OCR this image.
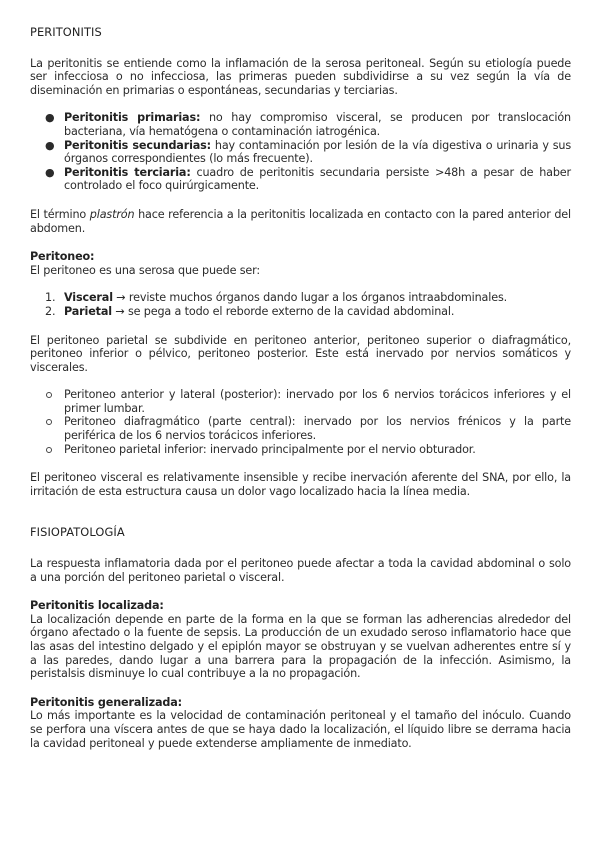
PERITONITIS

La peritonitis se entiende como la inflamación de la serosa peritoneal. Según su etiología puede ser infecciosa o no infecciosa, las primeras pueden subdividirse a su vez según la vía de diseminación en primarias o espontáneas, secundarias y terciarias.

● Peritonitis primarias: no hay compromiso visceral, se producen por translocación bacteriana, vía hematógena o contaminación iatrogénica.
● Peritonitis secundarias: hay contaminación por lesión de la vía digestiva o urinaria y sus órganos correspondientes (lo más frecuente).
● Peritonitis terciaria: cuadro de peritonitis secundaria persiste >48h a pesar de haber controlado el foco quirúrgicamente.

El término plastrón hace referencia a la peritonitis localizada en contacto con la pared anterior del abdomen.

Peritoneo:

El peritoneo es una serosa que puede ser:

1. Visceral → reviste muchos órganos dando lugar a los órganos intraabdominales.
2. Parietal → se pega a todo el reborde externo de la cavidad abdominal.

El peritoneo parietal se subdivide en peritoneo anterior, peritoneo superior o diafragmático, peritoneo inferior o pélvico, peritoneo posterior. Este está inervado por nervios somáticos y viscerales.

Peritoneo anterior y lateral (posterior): inervado por los 6 nervios torácicos inferiores y el primer lumbar.
Peritoneo diafragmático (parte central): inervado por los nervios frénicos y la parte periférica de los 6 nervios torácicos inferiores.
Peritoneo parietal inferior: inervado principalmente por el nervio obturador.

El peritoneo visceral es relativamente insensible y recibe inervación aferente del SNA, por ello, la irritación de esta estructura causa un dolor vago localizado hacia la línea media.

FISIOPATOLOGÍA

La respuesta inflamatoria dada por el peritoneo puede afectar a toda la cavidad abdominal o solo a una porción del peritoneo parietal o visceral.

Peritonitis localizada:

La localización depende en parte de la forma en la que se forman las adherencias alrededor del órgano afectado o la fuente de sepsis. La producción de un exudado seroso inflamatorio hace que las asas del intestino delgado y el epiplón mayor se obstruyan y se vuelvan adherentes entre sí y a las paredes, dando lugar a una barrera para la propagación de la infección. Asimismo, la peristalsis disminuye lo cual contribuye a la no propagación.

Peritonitis generalizada:

Lo más importante es la velocidad de contaminación peritoneal y el tamaño del inóculo. Cuando se perfora una víscera antes de que se haya dado la localización, el líquido libre se derrama hacia la cavidad peritoneal y puede extenderse ampliamente de inmediato.
